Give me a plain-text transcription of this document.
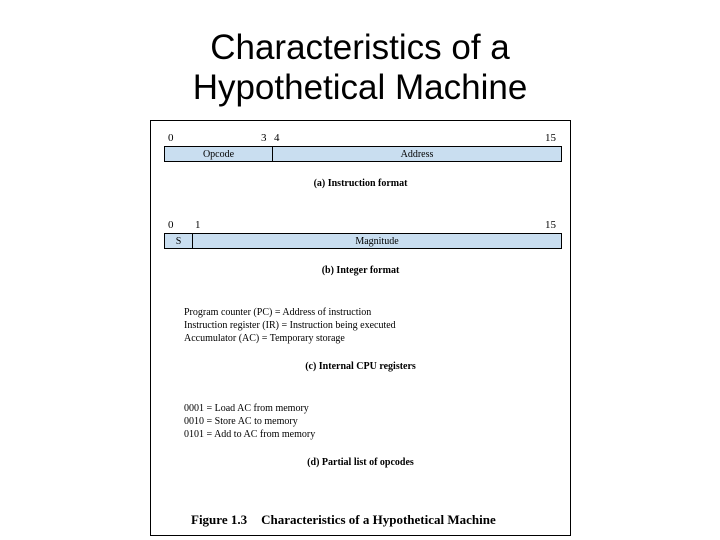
Characteristics of a
Hypothetical Machine
0	3 4	15
Opcode	Address
(a) Instruction format
0 1	15
S	Magnitude
(b) Integer format
Program counter (PC) = Address of instruction
Instruction register (IR) = Instruction being executed
Accumulator (AC) = Temporary storage
(c) Internal CPU registers
0001 = Load AC from memory
0010 = Store AC to memory
0101 = Add to AC from memory
(d) Partial list of opcodes
Figure 1.3 Characteristics of a Hypothetical Machine
